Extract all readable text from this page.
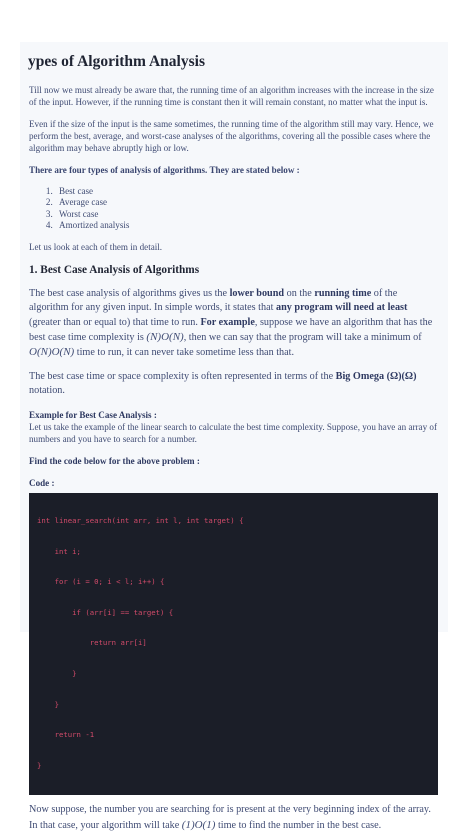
ypes of Algorithm Analysis

Till now we must already be aware that, the running time of an algorithm increases with the increase in the size of the input. However, if the running time is constant then it will remain constant, no matter what the input is.

Even if the size of the input is the same sometimes, the running time of the algorithm still may vary. Hence, we perform the best, average, and worst-case analyses of the algorithms, covering all the possible cases where the algorithm may behave abruptly high or low.

There are four types of analysis of algorithms. They are stated below :

1. Best case
2. Average case
3. Worst case
4. Amortized analysis

Let us look at each of them in detail.

1. Best Case Analysis of Algorithms

The best case analysis of algorithms gives us the lower bound on the running time of the algorithm for any given input. In simple words, it states that any program will need at least (greater than or equal to) that time to run. For example, suppose we have an algorithm that has the best case time complexity is (N)O(N), then we can say that the program will take a minimum of O(N)O(N) time to run, it can never take sometime less than that.

The best case time or space complexity is often represented in terms of the Big Omega (Ω)(Ω) notation.

Example for Best Case Analysis :

Let us take the example of the linear search to calculate the best time complexity. Suppose, you have an array of numbers and you have to search for a number.

Find the code below for the above problem :

Code :

int linear_search(int arr, int l, int target) {

int i;

for (i = 0; i < l; i++) {

if (arr[i] == target) {

return arr[i]

}

}

return -1

}

Now suppose, the number you are searching for is present at the very beginning index of the array. In that case, your algorithm will take (1)O(1) time to find the number in the best case.
